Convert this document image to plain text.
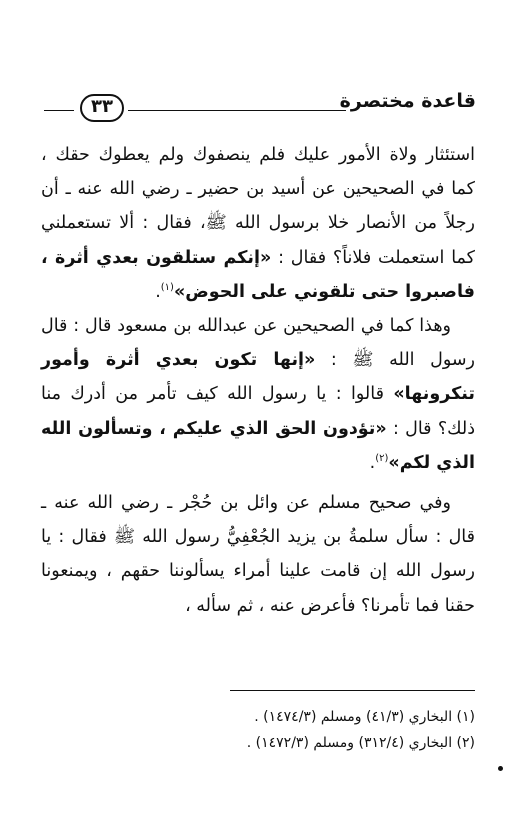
٣٣	قاعدة مختصرة

استئثار ولاة الأمور عليك فلم ينصفوك ولم يعطوك حقك ، كما في الصحيحين عن أسيد بن حضير ـ رضي الله عنه ـ أن رجلاً من الأنصار خلا برسول الله ﷺ، فقال : ألا تستعملني كما استعملت فلاناً؟ فقال : «إنكم ستلقون بعدي أثرة ، فاصبروا حتى تلقوني على الحوض»$^{(١)}$.

وهذا كما في الصحيحين عن عبدالله بن مسعود قال : قال رسول الله ﷺ : «إنها تكون بعدي أثرة وأمور تنكرونها» قالوا : يا رسول الله كيف تأمر من أدرك منا ذلك؟ قال : «تؤدون الحق الذي عليكم ، وتسألون الله الذي لكم»$^{(٢)}$.

وفي صحيح مسلم عن وائل بن حُجْر ـ رضي الله عنه ـ قال : سأل سلمةُ بن يزيد الجُعْفِيُّ رسول الله ﷺ فقال : يا رسول الله إن قامت علينا أمراء يسألوننا حقهم ، ويمنعونا حقنا فما تأمرنا؟ فأعرض عنه ، ثم سأله ،

(١) البخاري (٤١/٣) ومسلم (١٤٧٤/٣) .
(٢) البخاري (٣١٢/٤) ومسلم (١٤٧٢/٣) .
